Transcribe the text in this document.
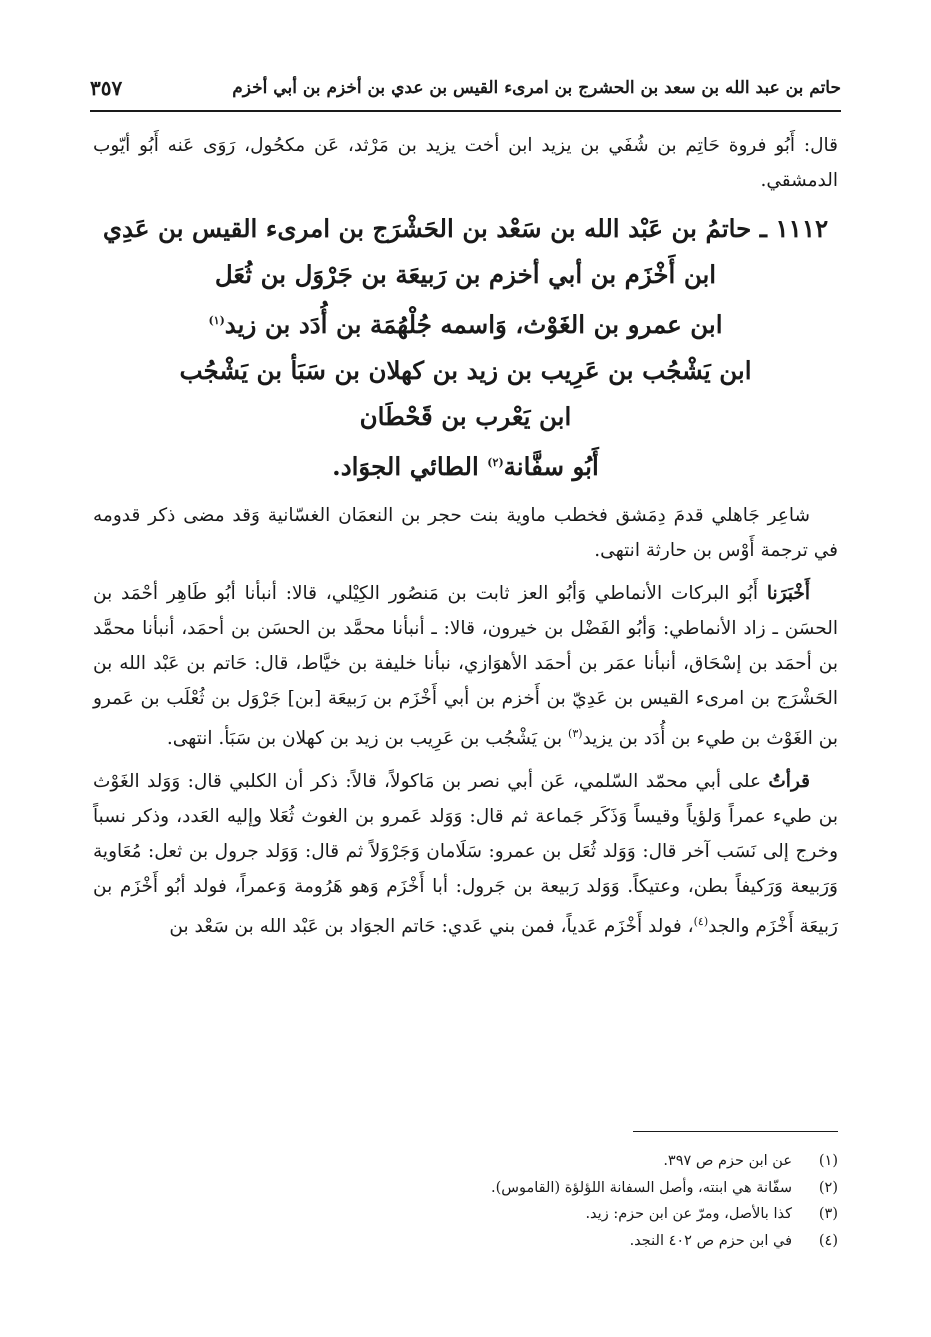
حاتم بن عبد الله بن سعد بن الحشرج بن امرىء القيس بن عدي بن أخزم بن أبي أخزم
٣٥٧

قال: أَبُو فروة حَاتِم بن شُفَي بن يزيد ابن أخت يزيد بن مَرْثد، عَن مكحُول، رَوَى عَنه أَبُو أيّوب الدمشقي.

١١١٢ ـ حاتمُ بن عَبْد الله بن سَعْد بن الحَشْرَج بن امرىء القيس بن عَدِي
ابن أَخْزَم بن أبي أخزم بن رَبيعَة بن جَرْوَل بن ثُعَل
ابن عمرو بن الغَوْث، وَاسمه جُلْهُمَة بن أُدَد بن زيد$^{(١)}$
ابن يَشْجُب بن عَرِيب بن زيد بن كهلان بن سَبَأ بن يَشْجُب
ابن يَعْرب بن قَحْطَان
أَبُو سفَّانة$^{(٢)}$ الطائي الجوَاد.

شاعِر جَاهلي قدمَ دِمَشق فخطب ماوية بنت حجر بن النعمَان الغسّانية وَقد مضى ذكر قدومه في ترجمة أَوْس بن حارثة انتهى.

أَخْبَرَنا أَبُو البركات الأنماطي وَأبُو العز ثابت بن مَنصُور الكِيْلي، قالا: أنبأنا أبُو طَاهِر أحْمَد بن الحسَن ـ زاد الأنماطي: وَأبُو الفَضْل بن خيرون، قالا: ـ أنبأنا محمَّد بن الحسَن بن أحمَد، أنبأنا محمَّد بن أحمَد بن إسْحَاق، أنبأنا عمَر بن أحمَد الأهوَازي، نبأنا خليفة بن خيَّاط، قال: حَاتم بن عَبْد الله بن الحَشْرَج بن امرىء القيس بن عَدِيّ بن أَخزم بن أبي أَخْزَم بن رَبيعَة [بن] جَرْوَل بن ثُعْلَب بن عَمرو بن الغَوْث بن طيء بن أُدَد بن يزيد$^{(٣)}$ بن يَشْجُب بن عَرِيب بن زيد بن كهلان بن سَبَأ. انتهى.

قرأتُ على أبي محمّد السّلمي، عَن أبي نصر بن مَاكولاً، قالاً: ذكر أن الكلبي قال: وَوَلد الغَوْث بن طيء عمراً وَلؤياً وقيساً وَذَكَر جَماعة ثم قال: وَوَلد عَمرو بن الغوث ثُعَلا وإليه العَدد، وذكر نسباً وخرج إلى نَسَب آخر قال: وَوَلد ثُعَل بن عمرو: سَلَامان وَجَرْوَلاً ثم قال: وَوَلد جرول بن ثعل: مُعَاوية وَرَبيعة وَرَكيفاً بطن، وعتيكاً. وَوَلد رَبيعة بن جَرول: أبا أَخْزَم وَهو هَرُومة وَعمراً، فولد أبُو أَخْزَم بن رَبيعَة أَخْزَم والجد$^{(٤)}$، فولد أَخْزَم عَدياً، فمن بني عَدي: حَاتم الجوَاد بن عَبْد الله بن سَعْد بن

(١)
عن ابن حزم ص ٣٩٧.
(٢)
سفّانة هي ابنته، وأصل السفانة اللؤلؤة (القاموس).
(٣)
كذا بالأصل، ومرّ عن ابن حزم: زيد.
(٤)
في ابن حزم ص ٤٠٢ النجد.
